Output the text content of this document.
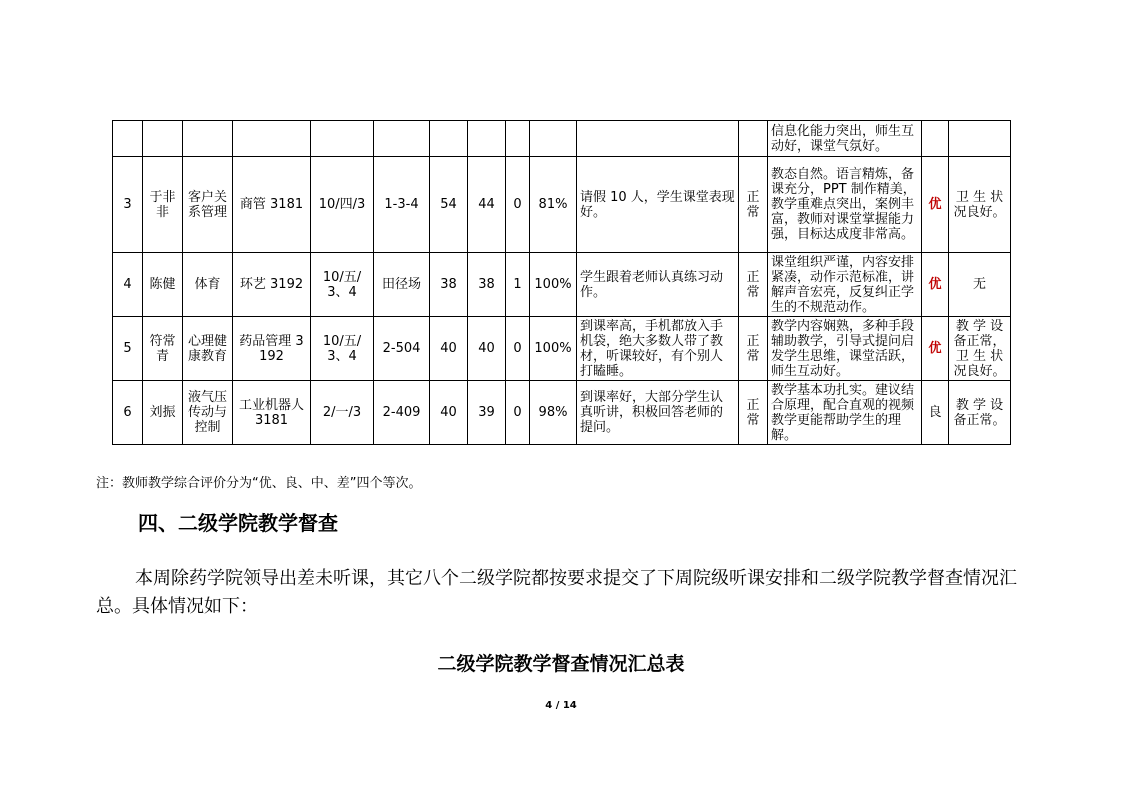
												信息化能力突出，师生互动好，课堂气氛好。		
3	于非非	客户关系管理	商管 3181	10/四/3	1-3-4	54	44	0	81%	请假 10 人，学生课堂表现好。	正常	教态自然。语言精炼，备课充分，PPT 制作精美，教学重难点突出，案例丰富，教师对课堂掌握能力强，目标达成度非常高。	优	卫 生 状况良好。
4	陈健	体育	环艺 3192	10/五/3、4	田径场	38	38	1	100%	学生跟着老师认真练习动作。	正常	课堂组织严谨，内容安排紧凑，动作示范标准，讲解声音宏亮，反复纠正学生的不规范动作。	优	无
5	符常青	心理健康教育	药品管理 3192	10/五/3、4	2-504	40	40	0	100%	到课率高，手机都放入手机袋，绝大多数人带了教材，听课较好，有个别人打瞌睡。	正常	教学内容娴熟，多种手段辅助教学，引导式提问启发学生思维，课堂活跃，师生互动好。	优	教 学 设备正常，卫 生 状况良好。
6	刘振	液气压传动与控制	工业机器人 3181	2/一/3	2-409	40	39	0	98%	到课率好，大部分学生认真听讲，积极回答老师的提问。	正常	教学基本功扎实。建议结合原理，配合直观的视频教学更能帮助学生的理解。	良	教 学 设备正常。
注：教师教学综合评价分为“优、良、中、差”四个等次。
四、二级学院教学督查
本周除药学院领导出差未听课，其它八个二级学院都按要求提交了下周院级听课安排和二级学院教学督查情况汇总。具体情况如下：
二级学院教学督查情况汇总表
4 / 14
